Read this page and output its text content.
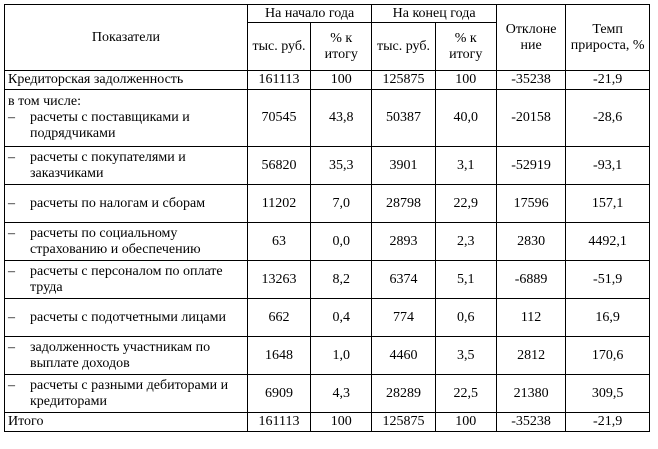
Показатели	На начало года		На конец года		Отклоне ние	Темп прироста, %
	тыс. руб.	% к итогу	тыс. руб.	% к итогу		
Кредиторская задолженность	161113	100	125875	100	-35238	-21,9

в том числе:
– расчеты с поставщиками и подрядчиками	70545	43,8	50387	40,0	-20158	-28,6
– расчеты с покупателями и заказчиками	56820	35,3	3901	3,1	-52919	-93,1
– расчеты по налогам и сборам	11202	7,0	28798	22,9	17596	157,1
– расчеты по социальному страхованию и обеспечению	63	0,0	2893	2,3	2830	4492,1
– расчеты с персоналом по оплате труда	13263	8,2	6374	5,1	-6889	-51,9
– расчеты с подотчетными лицами	662	0,4	774	0,6	112	16,9
– задолженность участникам по выплате доходов	1648	1,0	4460	3,5	2812	170,6
– расчеты с разными дебиторами и кредиторами	6909	4,3	28289	22,5	21380	309,5
Итого	161113	100	125875	100	-35238	-21,9
